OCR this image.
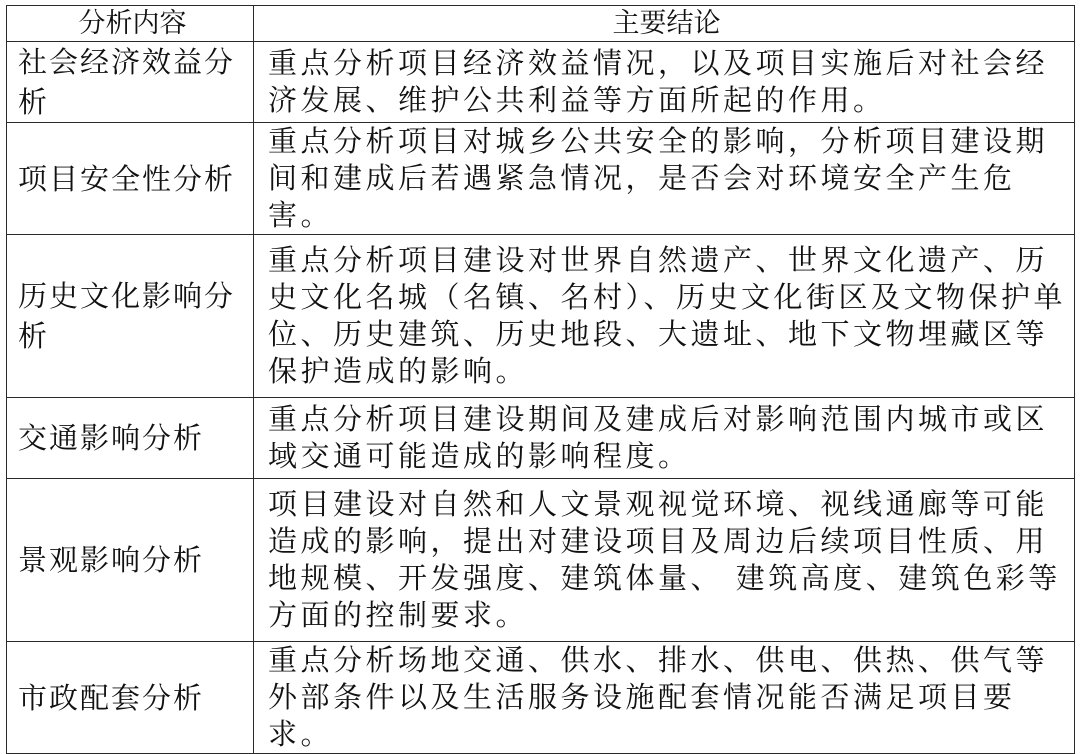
分析内容	主要结论
社会经济效益分析	重点分析项目经济效益情况，以及项目实施后对社会经济发展、维护公共利益等方面所起的作用。
项目安全性分析	重点分析项目对城乡公共安全的影响，分析项目建设期间和建成后若遇紧急情况，是否会对环境安全产生危害。
历史文化影响分析	重点分析项目建设对世界自然遗产、世界文化遗产、历史文化名城（名镇、名村）、历史文化街区及文物保护单位、历史建筑、历史地段、大遗址、地下文物埋藏区等保护造成的影响。
交通影响分析	重点分析项目建设期间及建成后对影响范围内城市或区域交通可能造成的影响程度。
景观影响分析	项目建设对自然和人文景观视觉环境、视线通廊等可能造成的影响，提出对建设项目及周边后续项目性质、用地规模、开发强度、建筑体量、 建筑高度、建筑色彩等方面的控制要求。
市政配套分析	重点分析场地交通、供水、排水、供电、供热、供气等外部条件以及生活服务设施配套情况能否满足项目要求。
